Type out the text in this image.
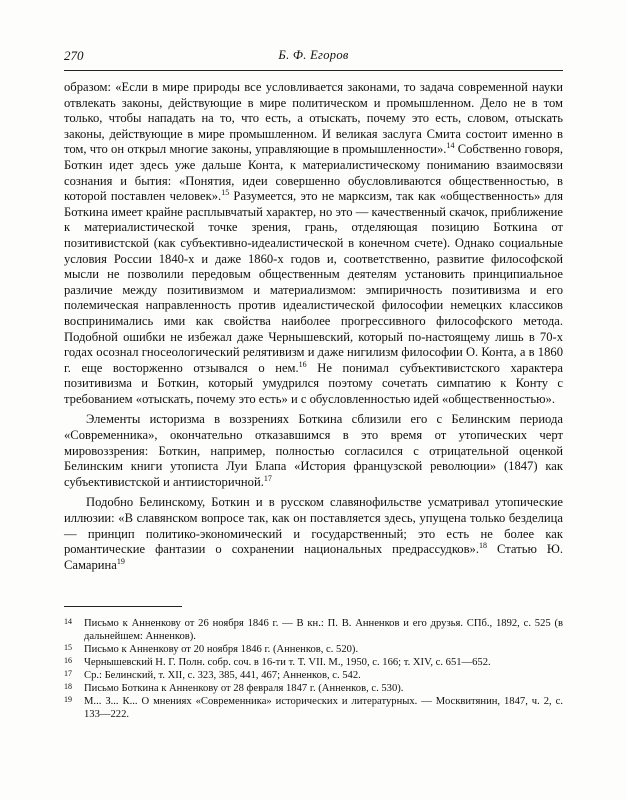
270	Б. Ф. Егоров

образом: «Если в мире природы все условливается законами, то задача современной науки отвлекать законы, действующие в мире политическом и промышленном. Дело не в том только, чтобы нападать на то, что есть, а отыскать, почему это есть, словом, отыскать законы, действующие в мире промышленном. И великая заслуга Смита состоит именно в том, что он открыл многие законы, управляющие в промышленности».$^{14}$ Собственно говоря, Боткин идет здесь уже дальше Конта, к материалистическому пониманию взаимосвязи сознания и бытия: «Понятия, идеи совершенно обусловливаются общественностью, в которой поставлен человек».$^{15}$ Разумеется, это не марксизм, так как «общественность» для Боткина имеет крайне расплывчатый характер, но это — качественный скачок, приближение к материалистической точке зрения, грань, отделяющая позицию Боткина от позитивистской (как субъективно-идеалистической в конечном счете). Однако социальные условия России 1840-х и даже 1860-х годов и, соответственно, развитие философской мысли не позволили передовым общественным деятелям установить принципиальное различие между позитивизмом и материализмом: эмпиричность позитивизма и его полемическая направленность против идеалистической философии немецких классиков воспринимались ими как свойства наиболее прогрессивного философского метода. Подобной ошибки не избежал даже Чернышевский, который по-настоящему лишь в 70-х годах осознал гносеологический релятивизм и даже нигилизм философии О. Конта, а в 1860 г. еще восторженно отзывался о нем.$^{16}$ Не понимал субъективистского характера позитивизма и Боткин, который умудрился поэтому сочетать симпатию к Конту с требованием «отыскать, почему это есть» и с обусловленностью идей «общественностью».

Элементы историзма в воззрениях Боткина сблизили его с Белинским периода «Современника», окончательно отказавшимся в это время от утопических черт мировоззрения: Боткин, например, полностью согласился с отрицательной оценкой Белинским книги утописта Луи Блапа «История французской революции» (1847) как субъективистской и антиисторичной.$^{17}$

Подобно Белинскому, Боткин и в русском славянофильстве усматривал утопические иллюзии: «В славянском вопросе так, как он поставляется здесь, упущена только безделица — принцип политико-экономический и государственный; это есть не более как романтические фантазии о сохранении национальных предрассудков».$^{18}$ Статью Ю. Самарина$^{19}$

14 Письмо к Анненкову от 26 ноября 1846 г. — В кн.: П. В. Анненков и его друзья. СПб., 1892, с. 525 (в дальнейшем: Анненков).
15 Письмо к Анненкову от 20 ноября 1846 г. (Анненков, с. 520).
16 Чернышевский Н. Г. Полн. собр. соч. в 16-ти т. Т. VII. М., 1950, с. 166; т. XIV, с. 651—652.
17 Ср.: Белинский, т. XII, с. 323, 385, 441, 467; Анненков, с. 542.
18 Письмо Боткина к Анненкову от 28 февраля 1847 г. (Анненков, с. 530).
19 М... З... К... О мнениях «Современника» исторических и литературных. — Москвитянин, 1847, ч. 2, с. 133—222.
